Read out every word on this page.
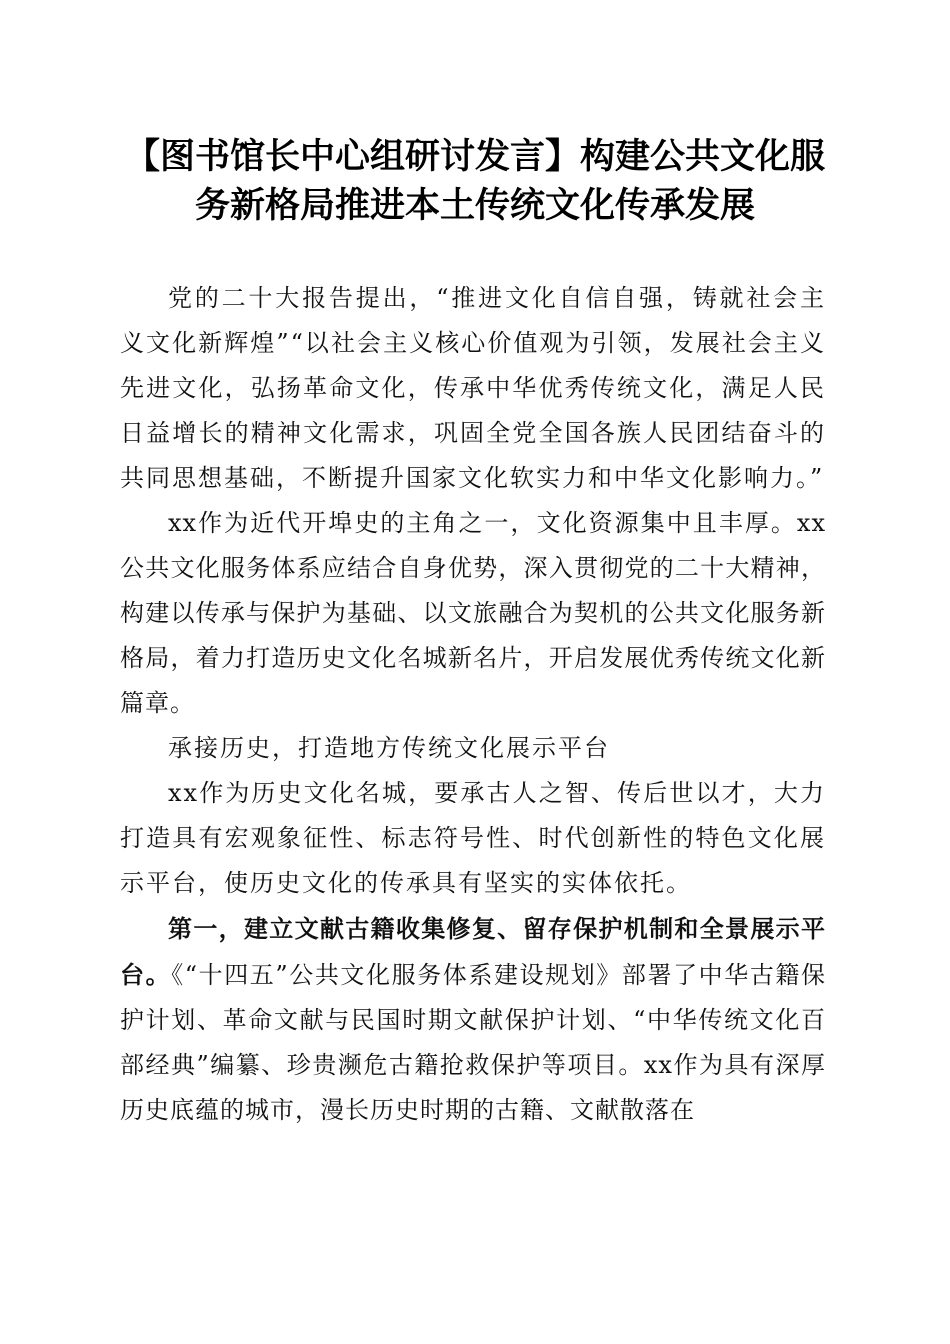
【图书馆长中心组研讨发言】构建公共文化服务新格局推进本土传统文化传承发展

党的二十大报告提出，“推进文化自信自强，铸就社会主义文化新辉煌”“以社会主义核心价值观为引领，发展社会主义先进文化，弘扬革命文化，传承中华优秀传统文化，满足人民日益增长的精神文化需求，巩固全党全国各族人民团结奋斗的共同思想基础，不断提升国家文化软实力和中华文化影响力。”

xx作为近代开埠史的主角之一，文化资源集中且丰厚。xx公共文化服务体系应结合自身优势，深入贯彻党的二十大精神，构建以传承与保护为基础、以文旅融合为契机的公共文化服务新格局，着力打造历史文化名城新名片，开启发展优秀传统文化新篇章。

承接历史，打造地方传统文化展示平台

xx作为历史文化名城，要承古人之智、传后世以才，大力打造具有宏观象征性、标志符号性、时代创新性的特色文化展示平台，使历史文化的传承具有坚实的实体依托。

第一，建立文献古籍收集修复、留存保护机制和全景展示平台。《“十四五”公共文化服务体系建设规划》部署了中华古籍保护计划、革命文献与民国时期文献保护计划、“中华传统文化百部经典”编纂、珍贵濒危古籍抢救保护等项目。xx作为具有深厚历史底蕴的城市，漫长历史时期的古籍、文献散落在
